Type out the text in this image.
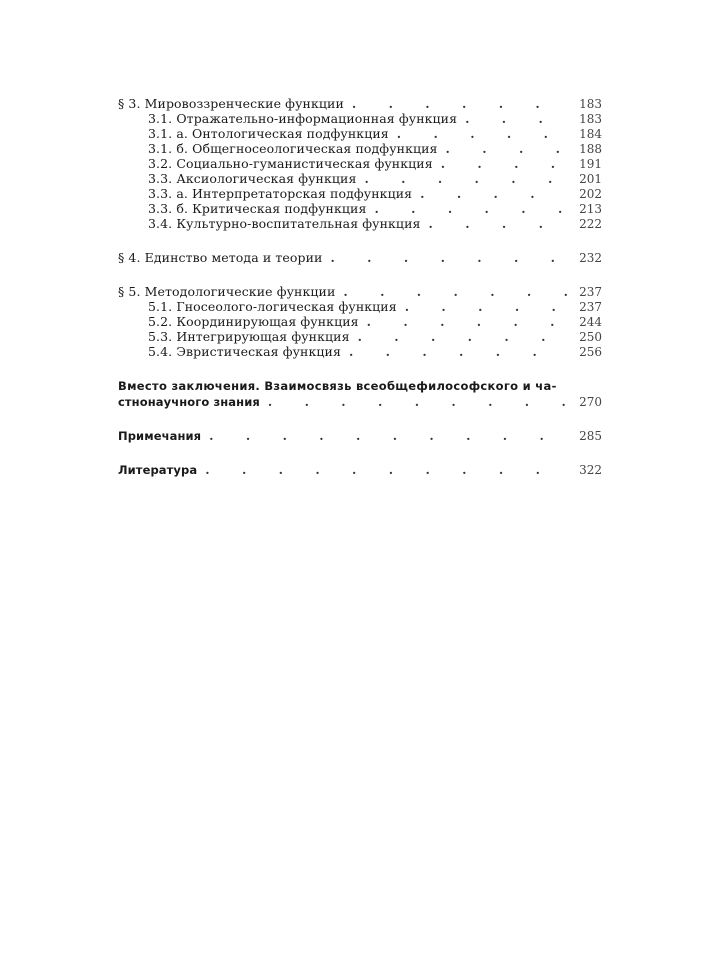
§ 3. Мировоззренческие функции . . .	183
3.1. Отражательно-информационная функция . . .	183
3.1. а. Онтологическая подфункция . . .	184
3.1. б. Общегносеологическая подфункция . . .	188
3.2. Социально-гуманистическая функция . . .	191
3.3. Аксиологическая функция . . .	201
3.3. а. Интерпретаторская подфункция . . .	202
3.3. б. Критическая подфункция . . .	213
3.4. Культурно-воспитательная функция . . .	222
§ 4. Единство метода и теории . . .	232
§ 5. Методологические функции . . .	237
5.1. Гносеолого-логическая функция . . .	237
5.2. Координирующая функция . . .	244
5.3. Интегрирующая функция . . .	250
5.4. Эвристическая функция . . .	256
Вместо заключения. Взаимосвязь всеобщефилософского и ча-
стнонаучного знания . . .	270
Примечания . . .	285
Литература . . .	322
